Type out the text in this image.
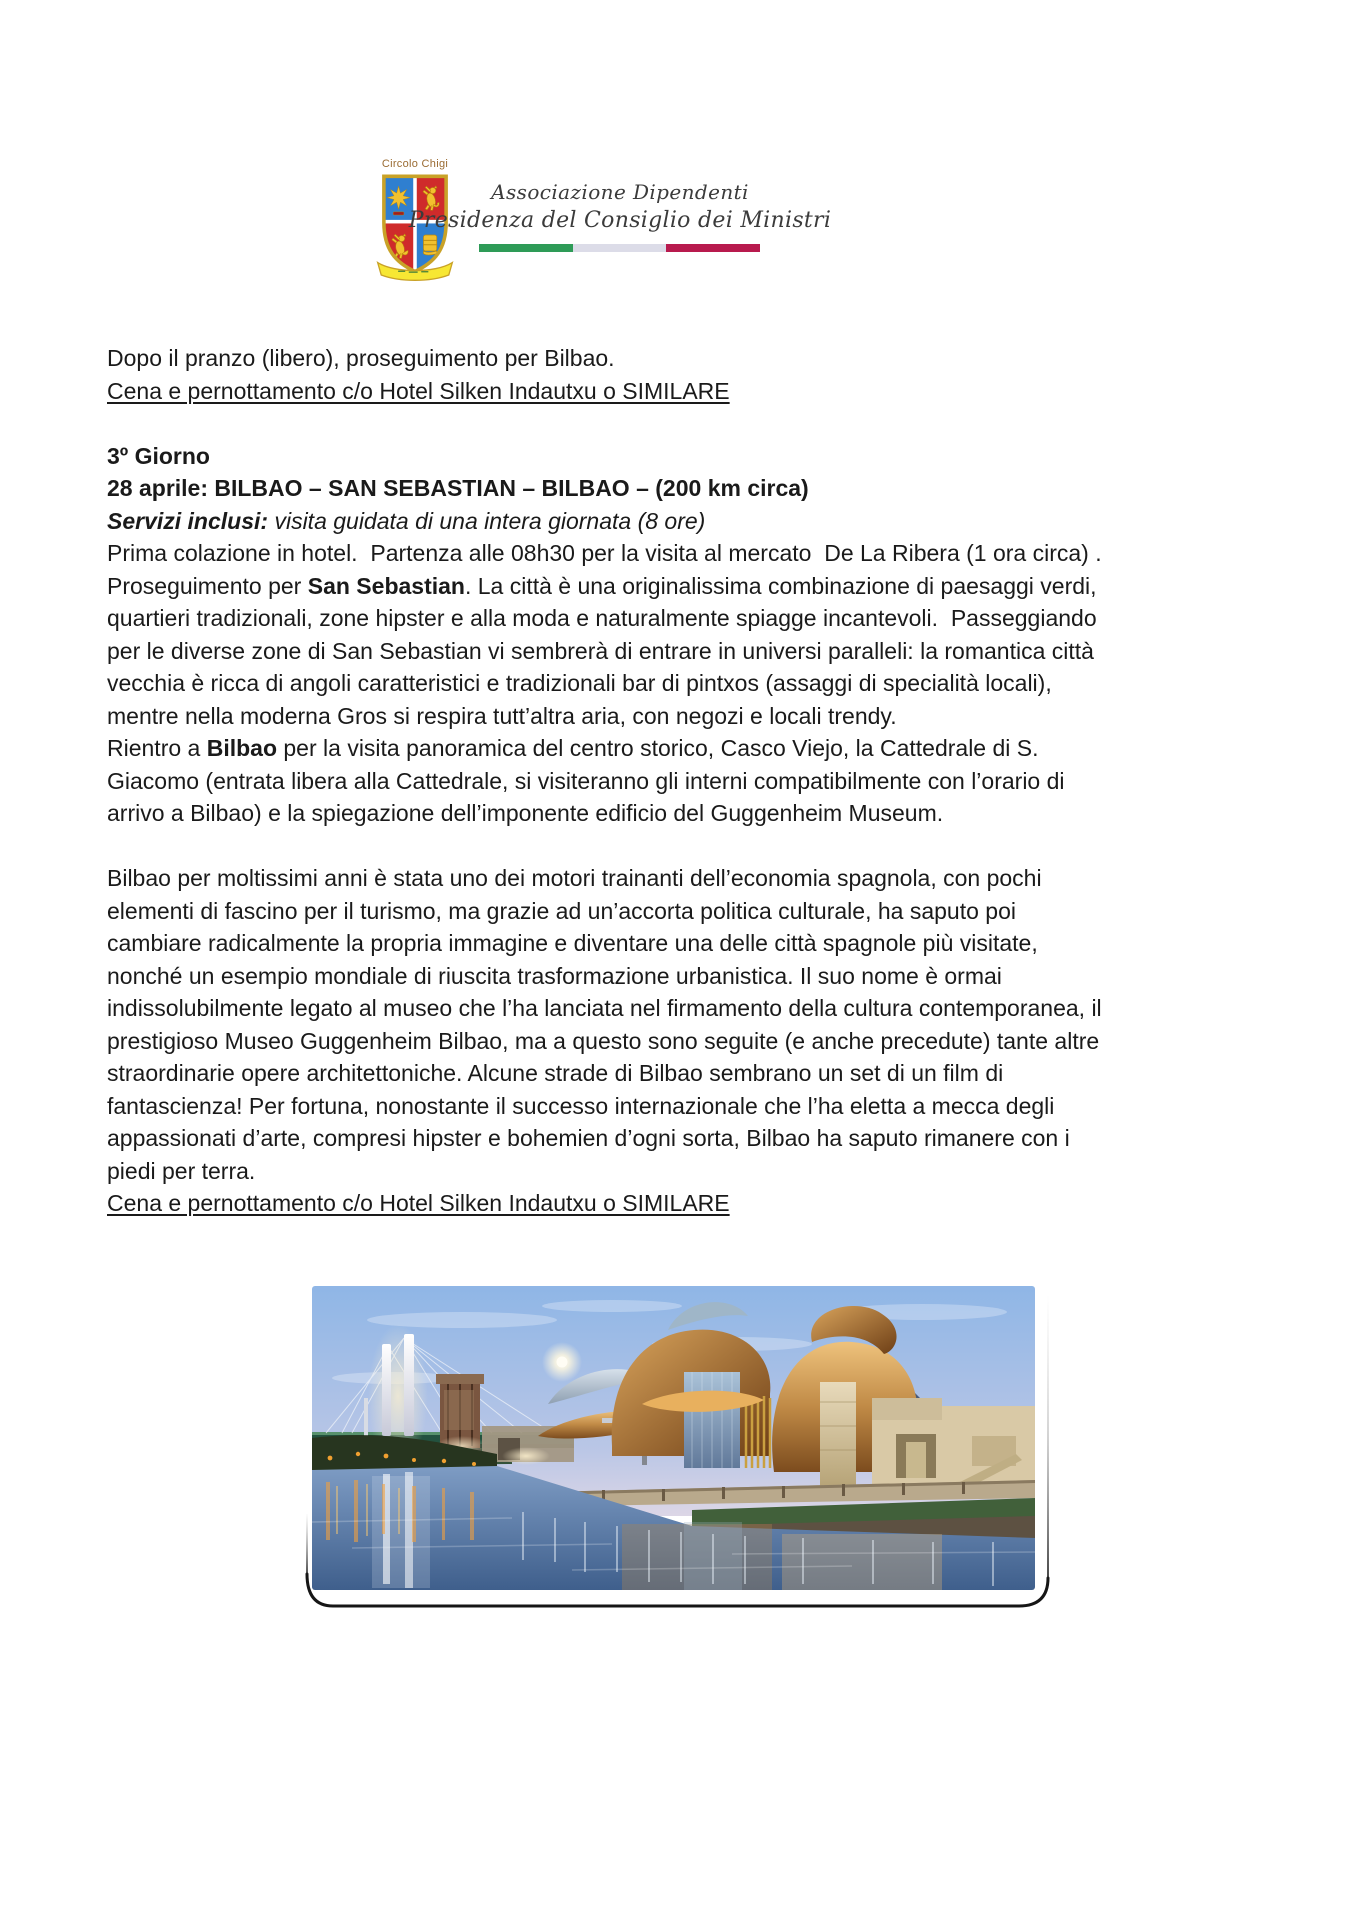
Circolo Chigi
Associazione Dipendenti
Presidenza del Consiglio dei Ministri
Dopo il pranzo (libero), proseguimento per Bilbao.
Cena e pernottamento c/o Hotel Silken Indautxu o SIMILARE
3º Giorno
28 aprile: BILBAO – SAN SEBASTIAN – BILBAO – (200 km circa)
Servizi inclusi: visita guidata di una intera giornata (8 ore)
Prima colazione in hotel.  Partenza alle 08h30 per la visita al mercato  De La Ribera (1 ora circa) .
Proseguimento per San Sebastian. La città è una originalissima combinazione di paesaggi verdi,
quartieri tradizionali, zone hipster e alla moda e naturalmente spiagge incantevoli.  Passeggiando
per le diverse zone di San Sebastian vi sembrerà di entrare in universi paralleli: la romantica città
vecchia è ricca di angoli caratteristici e tradizionali bar di pintxos (assaggi di specialità locali),
mentre nella moderna Gros si respira tutt’altra aria, con negozi e locali trendy.
Rientro a Bilbao per la visita panoramica del centro storico, Casco Viejo, la Cattedrale di S.
Giacomo (entrata libera alla Cattedrale, si visiteranno gli interni compatibilmente con l’orario di
arrivo a Bilbao) e la spiegazione dell’imponente edificio del Guggenheim Museum.
Bilbao per moltissimi anni è stata uno dei motori trainanti dell’economia spagnola, con pochi
elementi di fascino per il turismo, ma grazie ad un’accorta politica culturale, ha saputo poi
cambiare radicalmente la propria immagine e diventare una delle città spagnole più visitate,
nonché un esempio mondiale di riuscita trasformazione urbanistica. Il suo nome è ormai
indissolubilmente legato al museo che l’ha lanciata nel firmamento della cultura contemporanea, il
prestigioso Museo Guggenheim Bilbao, ma a questo sono seguite (e anche precedute) tante altre
straordinarie opere architettoniche. Alcune strade di Bilbao sembrano un set di un film di
fantascienza! Per fortuna, nonostante il successo internazionale che l’ha eletta a mecca degli
appassionati d’arte, compresi hipster e bohemien d’ogni sorta, Bilbao ha saputo rimanere con i
piedi per terra.
Cena e pernottamento c/o Hotel Silken Indautxu o SIMILARE
